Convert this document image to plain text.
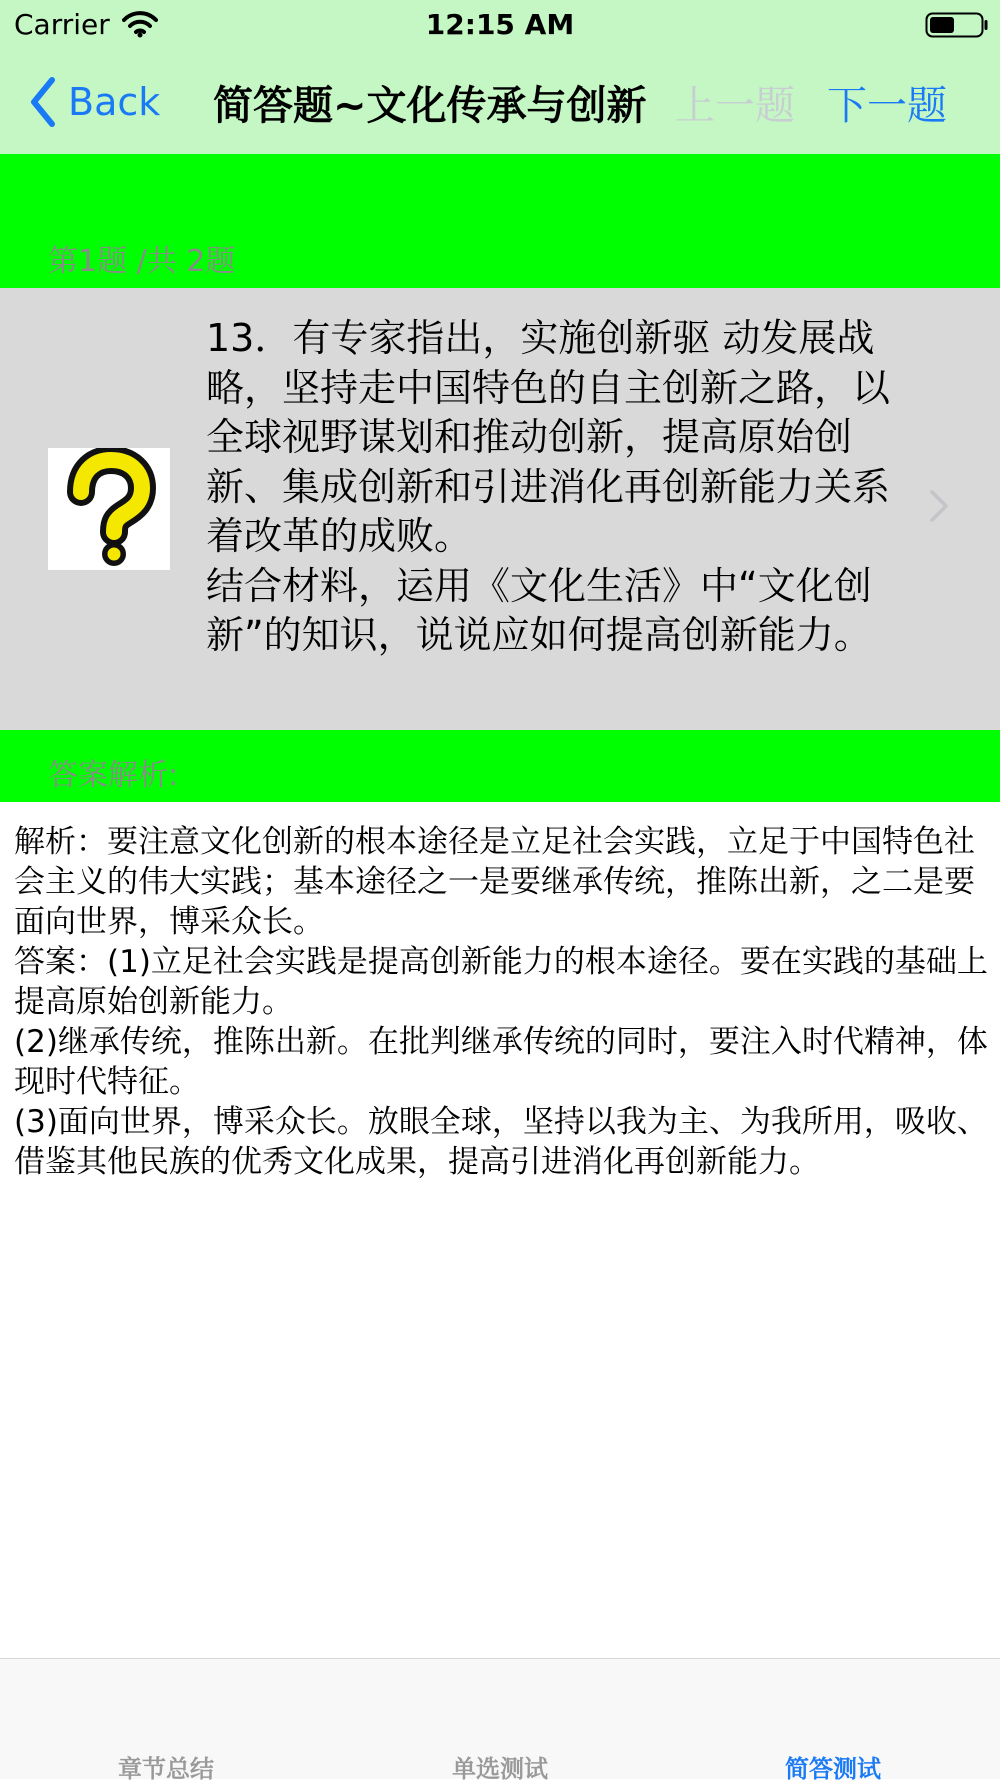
Carrier	12:15 AM
Back 简答题~文化传承与创新 上一题 下一题
第1题 /共 2题
13．有专家指出，实施创新驱 动发展战略，坚持走中国特色的自主创新之路，以全球视野谋划和推动创新，提高原始创新、集成创新和引进消化再创新能力关系着改革的成败。
结合材料，运用《文化生活》中“文化创新”的知识，说说应如何提高创新能力。
答案解析:
解析：要注意文化创新的根本途径是立足社会实践，立足于中国特色社会主义的伟大实践；基本途径之一是要继承传统，推陈出新，之二是要面向世界，博采众长。
答案：(1)立足社会实践是提高创新能力的根本途径。要在实践的基础上提高原始创新能力。
(2)继承传统，推陈出新。在批判继承传统的同时，要注入时代精神，体现时代特征。
(3)面向世界，博采众长。放眼全球，坚持以我为主、为我所用，吸收、借鉴其他民族的优秀文化成果，提高引进消化再创新能力。
章节总结	单选测试	简答测试
